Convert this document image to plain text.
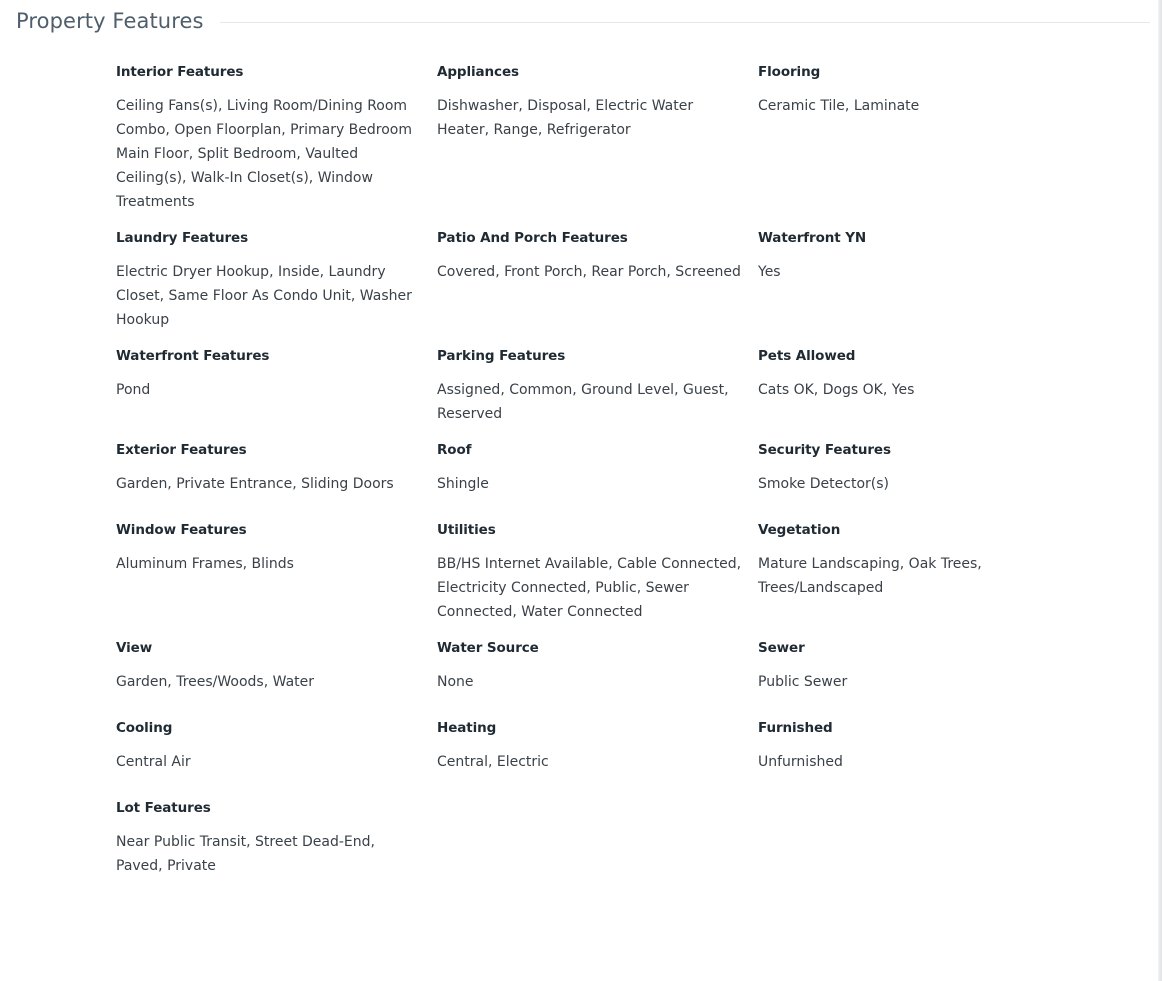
Property Features
Interior Features

Ceiling Fans(s), Living Room/Dining Room Combo, Open Floorplan, Primary Bedroom Main Floor, Split Bedroom, Vaulted Ceiling(s), Walk-In Closet(s), Window Treatments

Appliances

Dishwasher, Disposal, Electric Water Heater, Range, Refrigerator

Flooring

Ceramic Tile, Laminate

Laundry Features

Electric Dryer Hookup, Inside, Laundry Closet, Same Floor As Condo Unit, Washer Hookup

Patio And Porch Features

Covered, Front Porch, Rear Porch, Screened

Waterfront YN

Yes

Waterfront Features

Pond

Parking Features

Assigned, Common, Ground Level, Guest, Reserved

Pets Allowed

Cats OK, Dogs OK, Yes

Exterior Features

Garden, Private Entrance, Sliding Doors

Roof

Shingle

Security Features

Smoke Detector(s)

Window Features

Aluminum Frames, Blinds

Utilities

BB/HS Internet Available, Cable Connected, Electricity Connected, Public, Sewer Connected, Water Connected

Vegetation

Mature Landscaping, Oak Trees, Trees/Landscaped

View

Garden, Trees/Woods, Water

Water Source

None

Sewer

Public Sewer

Cooling

Central Air

Heating

Central, Electric

Furnished

Unfurnished

Lot Features

Near Public Transit, Street Dead-End, Paved, Private
